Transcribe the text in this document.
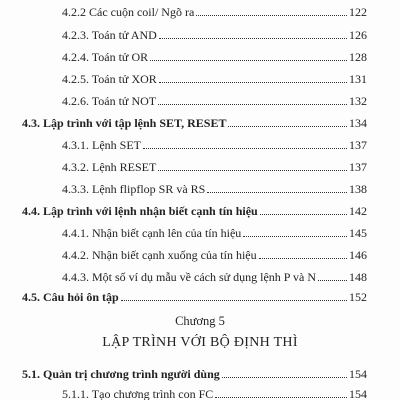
4.2.2 Các cuộn coil/ Ngõ ra	122
4.2.3. Toán tử AND	126
4.2.4. Toán tử OR	128
4.2.5. Toán tử XOR	131
4.2.6. Toán tử NOT	132
4.3. Lập trình với tập lệnh SET, RESET	134
4.3.1. Lệnh SET	137
4.3.2. Lệnh RESET	137
4.3.3. Lệnh flipflop SR và RS	138
4.4. Lập trình với lệnh nhận biết cạnh tín hiệu	142
4.4.1. Nhận biết cạnh lên của tín hiệu	145
4.4.2. Nhận biết cạnh xuống của tín hiệu	146
4.4.3. Một số ví dụ mẫu về cách sử dụng lệnh P và N	148
4.5. Câu hỏi ôn tập	152
Chương 5
LẬP TRÌNH VỚI BỘ ĐỊNH THÌ
5.1. Quản trị chương trình người dùng	154
5.1.1. Tạo chương trình con FC	154
